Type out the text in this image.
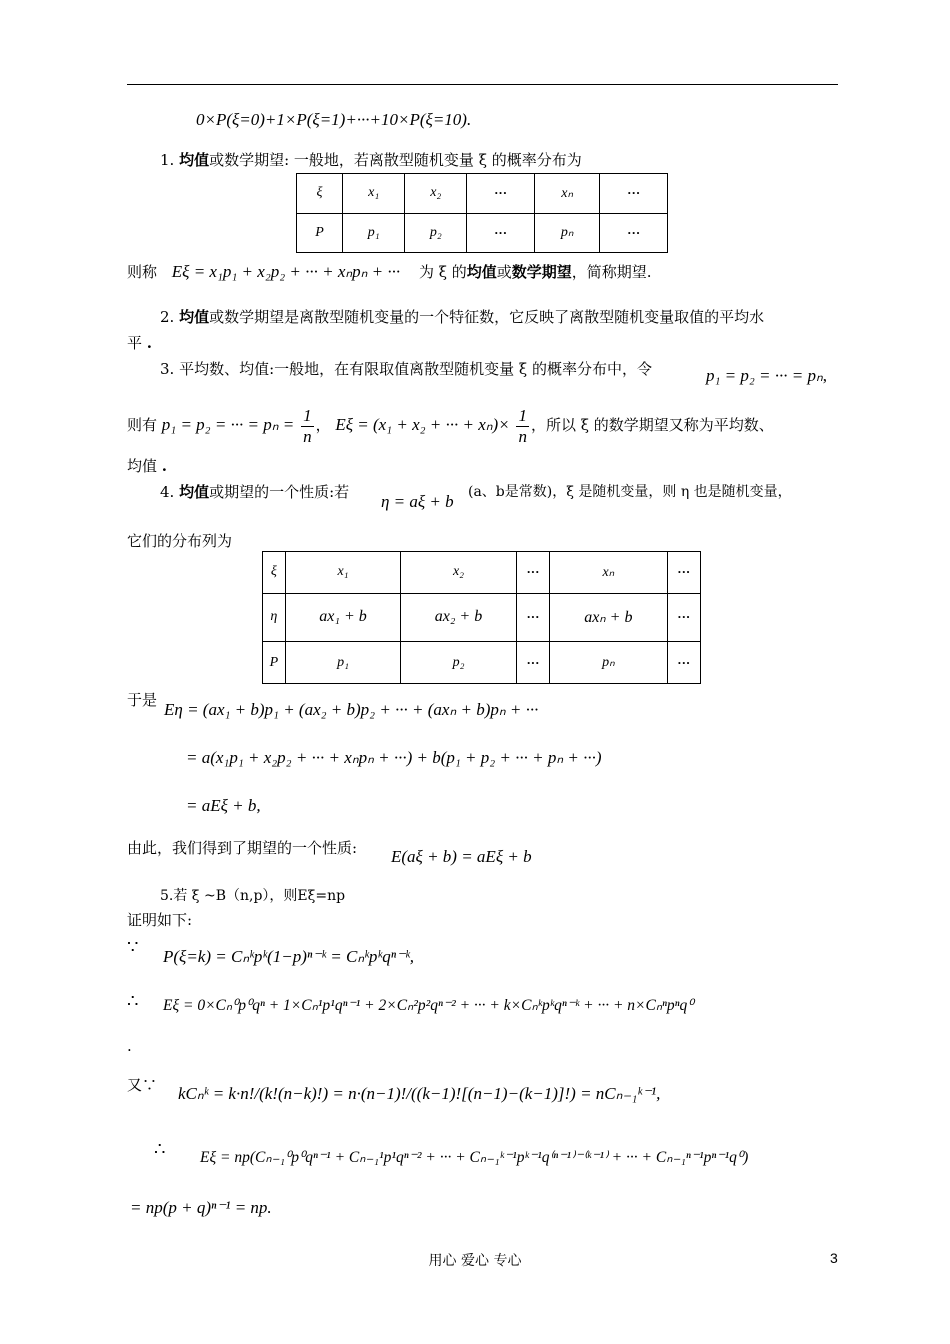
0×P(ξ=0)+1×P(ξ=1)+···+10×P(ξ=10).
1. 均值或数学期望: 一般地，若离散型随机变量 ξ 的概率分布为
ξ	x₁	x₂	···	xₙ	···
P	p₁	p₂	···	pₙ	···
则称 Eξ = x₁p₁ + x₂p₂ + ··· + xₙpₙ + ··· 为 ξ 的均值或数学期望，简称期望.
2. 均值或数学期望是离散型随机变量的一个特征数，它反映了离散型随机变量取值的平均水
平 .
3. 平均数、均值:一般地，在有限取值离散型随机变量 ξ 的概率分布中，令	p₁ = p₂ = ··· = pₙ,
则有 p₁ = p₂ = ··· = $p_n = \frac{1}{n}$ ， Eξ = (x₁ + x₂ + ··· + $x_n)\times \frac{1}{n}$ ，所以 ξ 的数学期望又称为平均数、
均值 .
4. 均值或期望的一个性质:若 η = aξ + b (a、b是常数)，ξ 是随机变量，则 η 也是随机变量，
它们的分布列为
ξ	x₁	x₂	···	xₙ	···
η	ax₁ + b	ax₂ + b	···	axₙ + b	···
P	p₁	p₂	···	pₙ	···
于是 Eη = (ax₁ + b)p₁ + (ax₂ + b)p₂ + ··· + (axₙ + b)pₙ + ···
= a(x₁p₁ + x₂p₂ + ··· + xₙpₙ + ···) + b(p₁ + p₂ + ··· + pₙ + ···)
= aEξ + b,
由此，我们得到了期望的一个性质: E(aξ + b) = aEξ + b
5.若 ξ ~B（n,p），则Eξ=np
证明如下:
∵ P(ξ=k) = Cₙᵏpᵏ(1−p)ⁿ⁻ᵏ = Cₙᵏpᵏqⁿ⁻ᵏ,
∴ Eξ = 0×Cₙ⁰p⁰qⁿ + 1×Cₙ¹p¹qⁿ⁻¹ + 2×Cₙ²p²qⁿ⁻² + ··· + k×Cₙᵏpᵏqⁿ⁻ᵏ + ··· + n×Cₙⁿpⁿq⁰
.
又∵ kCₙᵏ = k·n!/(k!(n−k)!) = n·(n−1)!/((k−1)![(n−1)−(k−1)]!) = nCₙ₋₁ᵏ⁻¹,
∴ Eξ = np(Cₙ₋₁⁰p⁰qⁿ⁻¹ + Cₙ₋₁¹p¹qⁿ⁻² + ··· + Cₙ₋₁ᵏ⁻¹pᵏ⁻¹q⁽ⁿ⁻¹⁾⁻⁽ᵏ⁻¹⁾ + ··· + Cₙ₋₁ⁿ⁻¹pⁿ⁻¹q⁰)
= np(p + q)ⁿ⁻¹ = np.
用心 爱心 专心	3
